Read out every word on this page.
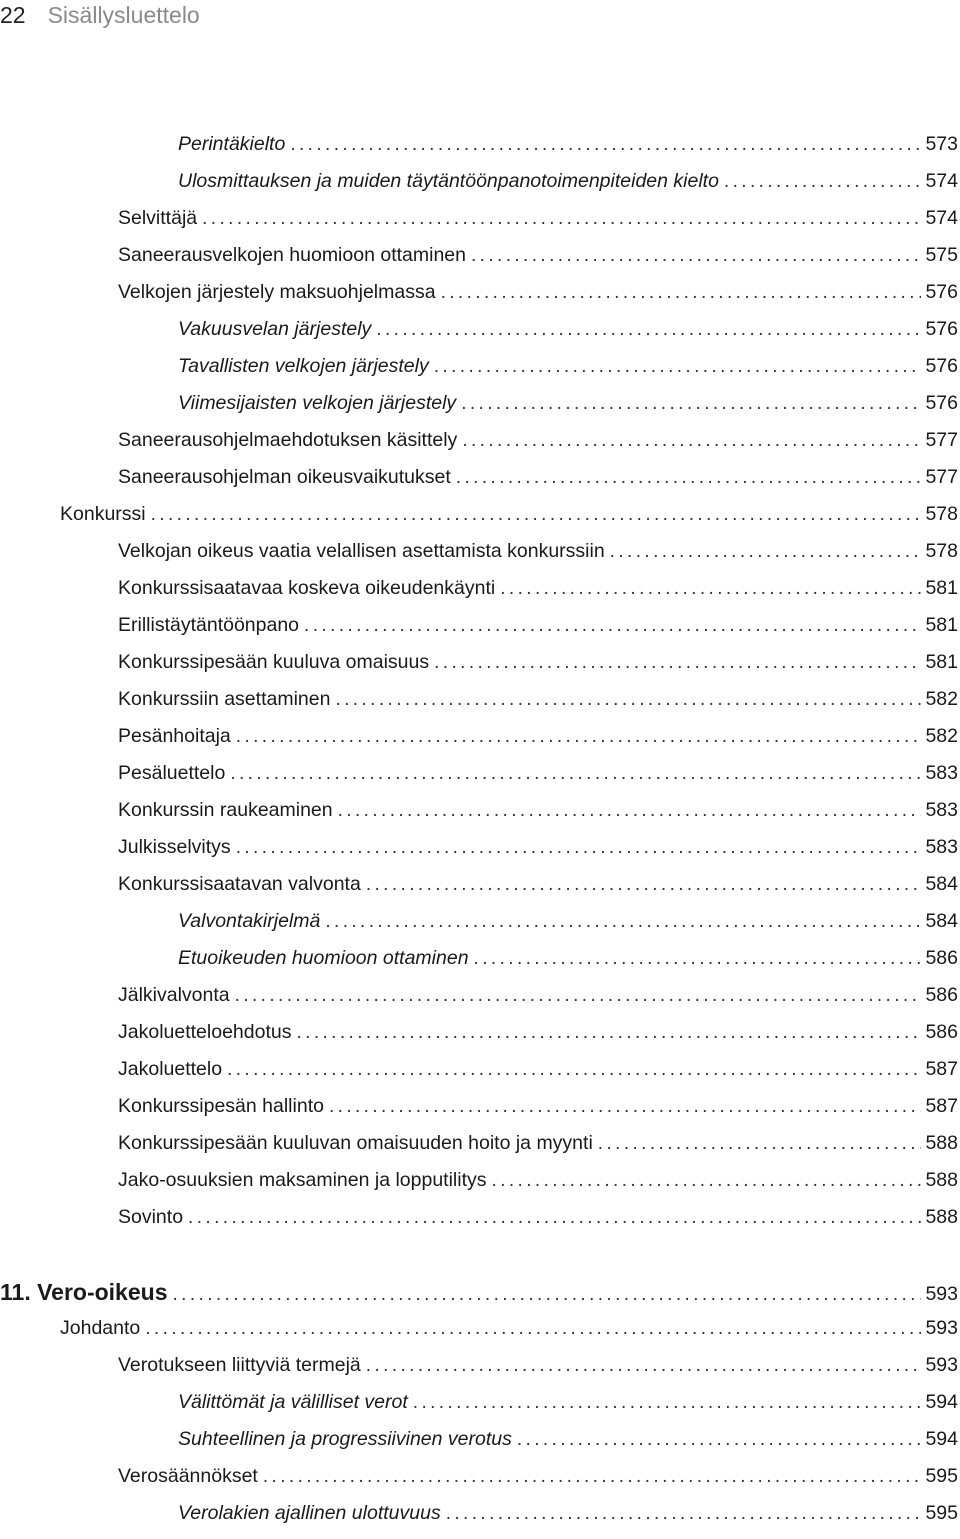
22 Sisällysluettelo
Perintäkielto .....	573
Ulosmittauksen ja muiden täytäntöönpanotoimenpiteiden kielto .....	574
Selvittäjä .....	574
Saneerausvelkojen huomioon ottaminen .....	575
Velkojen järjestely maksuohjelmassa .....	576
Vakuusvelan järjestely .....	576
Tavallisten velkojen järjestely .....	576
Viimesijaisten velkojen järjestely .....	576
Saneerausohjelmaehdotuksen käsittely .....	577
Saneerausohjelman oikeusvaikutukset .....	577
Konkurssi .....	578
Velkojan oikeus vaatia velallisen asettamista konkurssiin .....	578
Konkurssisaatavaa koskeva oikeudenkäynti .....	581
Erillistäytäntöönpano .....	581
Konkurssipesään kuuluva omaisuus .....	581
Konkurssiin asettaminen .....	582
Pesänhoitaja .....	582
Pesäluettelo .....	583
Konkurssin raukeaminen .....	583
Julkisselvitys .....	583
Konkurssisaatavan valvonta .....	584
Valvontakirjelmä .....	584
Etuoikeuden huomioon ottaminen .....	586
Jälkivalvonta .....	586
Jakoluetteloehdotus .....	586
Jakoluettelo .....	587
Konkurssipesän hallinto .....	587
Konkurssipesään kuuluvan omaisuuden hoito ja myynti .....	588
Jako-osuuksien maksaminen ja lopputilitys .....	588
Sovinto .....	588
11. Vero-oikeus .....	593
Johdanto .....	593
Verotukseen liittyviä termejä .....	593
Välittömät ja välilliset verot .....	594
Suhteellinen ja progressiivinen verotus .....	594
Verosäännökset .....	595
Verolakien ajallinen ulottuvuus .....	595
